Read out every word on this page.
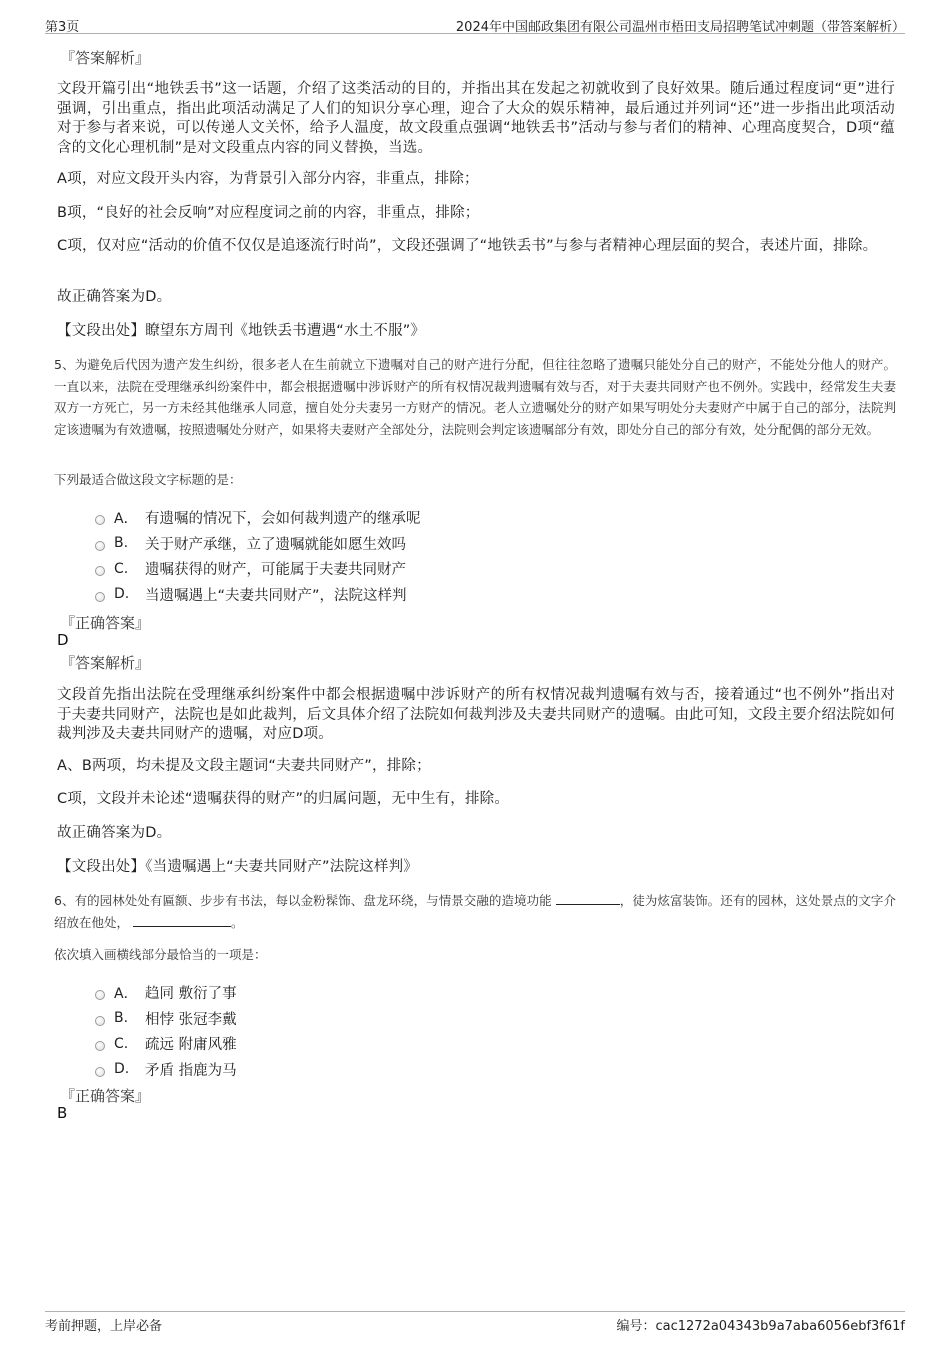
第3页	2024年中国邮政集团有限公司温州市梧田支局招聘笔试冲刺题（带答案解析）
『答案解析』
文段开篇引出“地铁丢书”这一话题，介绍了这类活动的目的，并指出其在发起之初就收到了良好效果。随后通过程度词“更”进行强调，引出重点，指出此项活动满足了人们的知识分享心理，迎合了大众的娱乐精神，最后通过并列词“还”进一步指出此项活动对于参与者来说，可以传递人文关怀，给予人温度，故文段重点强调“地铁丢书”活动与参与者们的精神、心理高度契合，D项“蕴含的文化心理机制”是对文段重点内容的同义替换，当选。
A项，对应文段开头内容，为背景引入部分内容，非重点，排除；
B项，“良好的社会反响”对应程度词之前的内容，非重点，排除；
C项，仅对应“活动的价值不仅仅是追逐流行时尚”，文段还强调了“地铁丢书”与参与者精神心理层面的契合，表述片面，排除。
故正确答案为D。
【文段出处】瞭望东方周刊《地铁丢书遭遇“水土不服”》
5、为避免后代因为遗产发生纠纷，很多老人在生前就立下遗嘱对自己的财产进行分配，但往往忽略了遗嘱只能处分自己的财产，不能处分他人的财产。一直以来，法院在受理继承纠纷案件中，都会根据遗嘱中涉诉财产的所有权情况裁判遗嘱有效与否，对于夫妻共同财产也不例外。实践中，经常发生夫妻双方一方死亡，另一方未经其他继承人同意，擅自处分夫妻另一方财产的情况。老人立遗嘱处分的财产如果写明处分夫妻财产中属于自己的部分，法院判定该遗嘱为有效遗嘱，按照遗嘱处分财产，如果将夫妻财产全部处分，法院则会判定该遗嘱部分有效，即处分自己的部分有效，处分配偶的部分无效。
下列最适合做这段文字标题的是：
A． 有遗嘱的情况下，会如何裁判遗产的继承呢
B.	关于财产承继，立了遗嘱就能如愿生效吗
C.	遗嘱获得的财产，可能属于夫妻共同财产
D.	当遗嘱遇上“夫妻共同财产”，法院这样判
『正确答案』
D
『答案解析』
文段首先指出法院在受理继承纠纷案件中都会根据遗嘱中涉诉财产的所有权情况裁判遗嘱有效与否，接着通过“也不例外”指出对于夫妻共同财产，法院也是如此裁判，后文具体介绍了法院如何裁判涉及夫妻共同财产的遗嘱。由此可知，文段主要介绍法院如何裁判涉及夫妻共同财产的遗嘱，对应D项。
A、B两项，均未提及文段主题词“夫妻共同财产”，排除；
C项，文段并未论述“遗嘱获得的财产”的归属问题，无中生有，排除。
故正确答案为D。
【文段出处】《当遗嘱遇上“夫妻共同财产”法院这样判》
6、有的园林处处有匾额、步步有书法，每以金粉髹饰、盘龙环绕，与情景交融的造境功能	，徒为炫富装饰。还有的园林，这处景点的文字介绍放在他处，	。
依次填入画横线部分最恰当的一项是：
A． 趋同 敷衍了事
B.	相悖 张冠李戴
C.	疏远 附庸风雅
D.	矛盾 指鹿为马
『正确答案』
B
考前押题，上岸必备	编号：cac1272a04343b9a7aba6056ebf3f61f
